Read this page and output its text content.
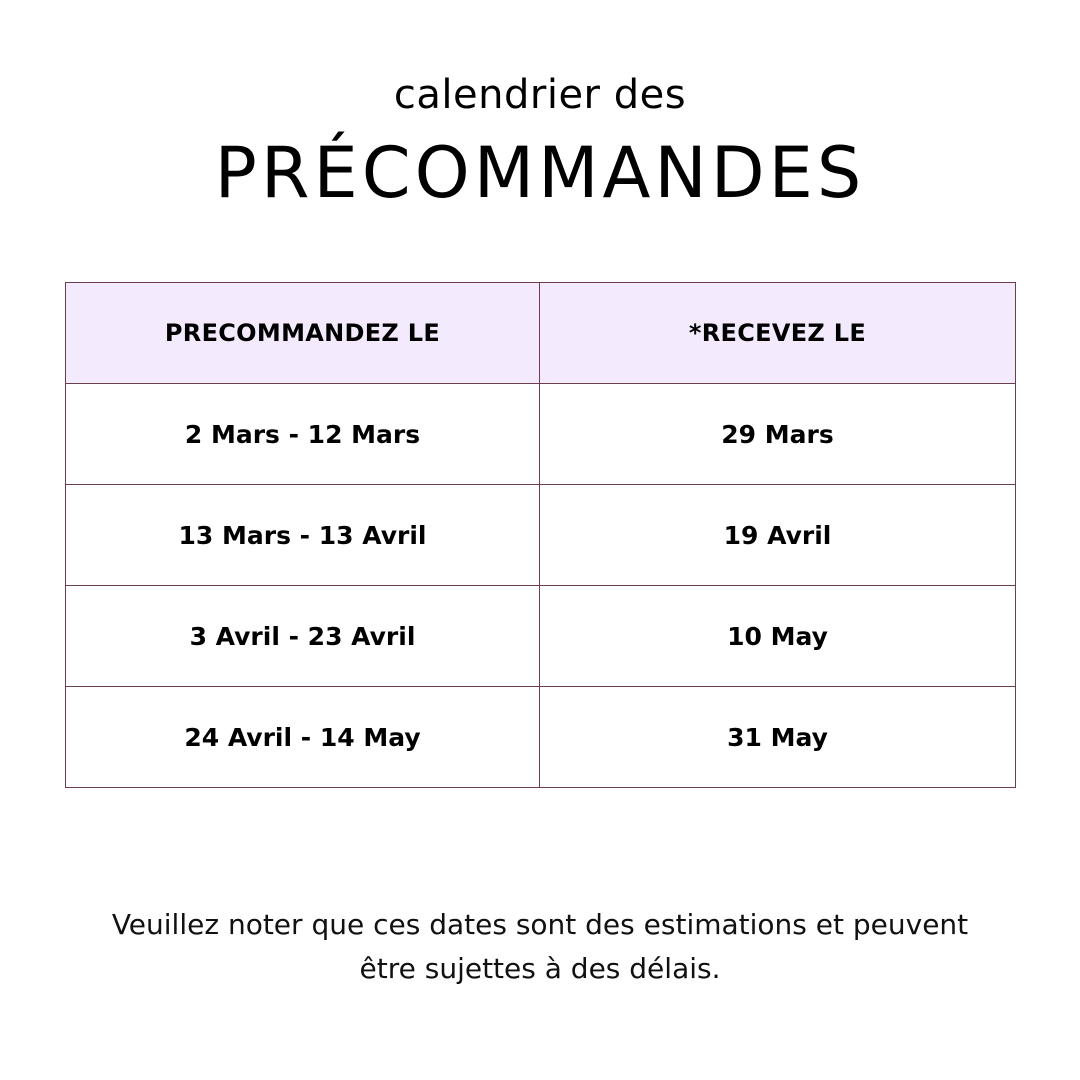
calendrier des
PRÉCOMMANDES
PRECOMMANDEZ LE	*RECEVEZ LE
2 Mars - 12 Mars	29 Mars
13 Mars - 13 Avril	19 Avril
3 Avril - 23 Avril	10 May
24 Avril - 14 May	31 May
Veuillez noter que ces dates sont des estimations et peuvent
être sujettes à des délais.
